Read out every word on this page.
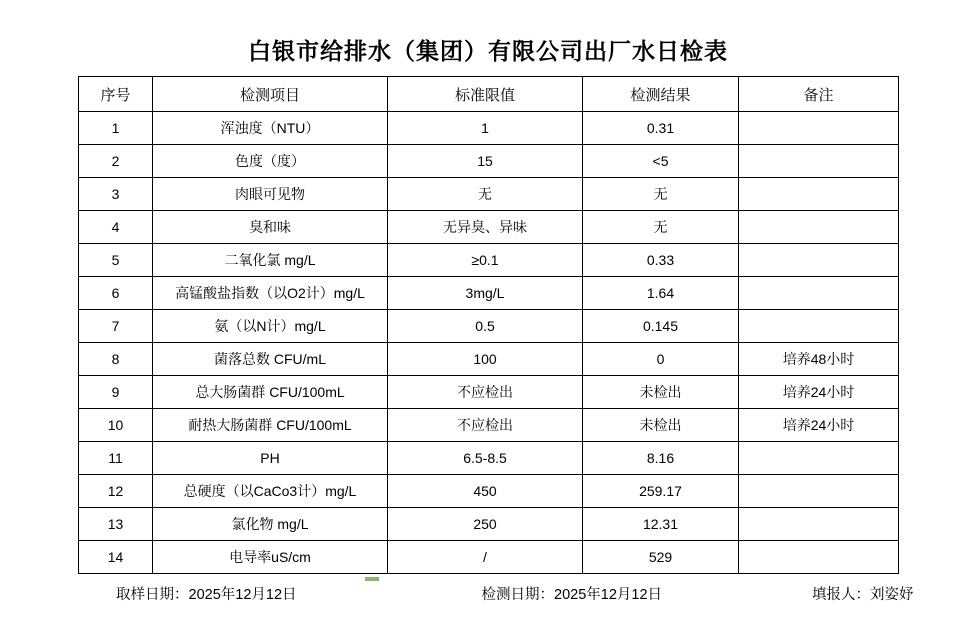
白银市给排水（集团）有限公司出厂水日检表
序号	检测项目	标准限值	检测结果	备注
1	浑浊度（NTU）	1	0.31	
2	色度（度）	15	<5	
3	肉眼可见物	无	无	
4	臭和味	无异臭、异味	无	
5	二氧化氯 mg/L	≥0.1	0.33	
6	高锰酸盐指数（以O2计）mg/L	3mg/L	1.64	
7	氨（以N计）mg/L	0.5	0.145	
8	菌落总数 CFU/mL	100	0	培养48小时
9	总大肠菌群 CFU/100mL	不应检出	未检出	培养24小时
10	耐热大肠菌群 CFU/100mL	不应检出	未检出	培养24小时
11	PH	6.5-8.5	8.16	
12	总硬度（以CaCo3计）mg/L	450	259.17	
13	氯化物 mg/L	250	12.31	
14	电导率uS/cm	/	529	
取样日期： 2025年12月12日	检测日期： 2025年12月12日	填报人： 刘姿妤
